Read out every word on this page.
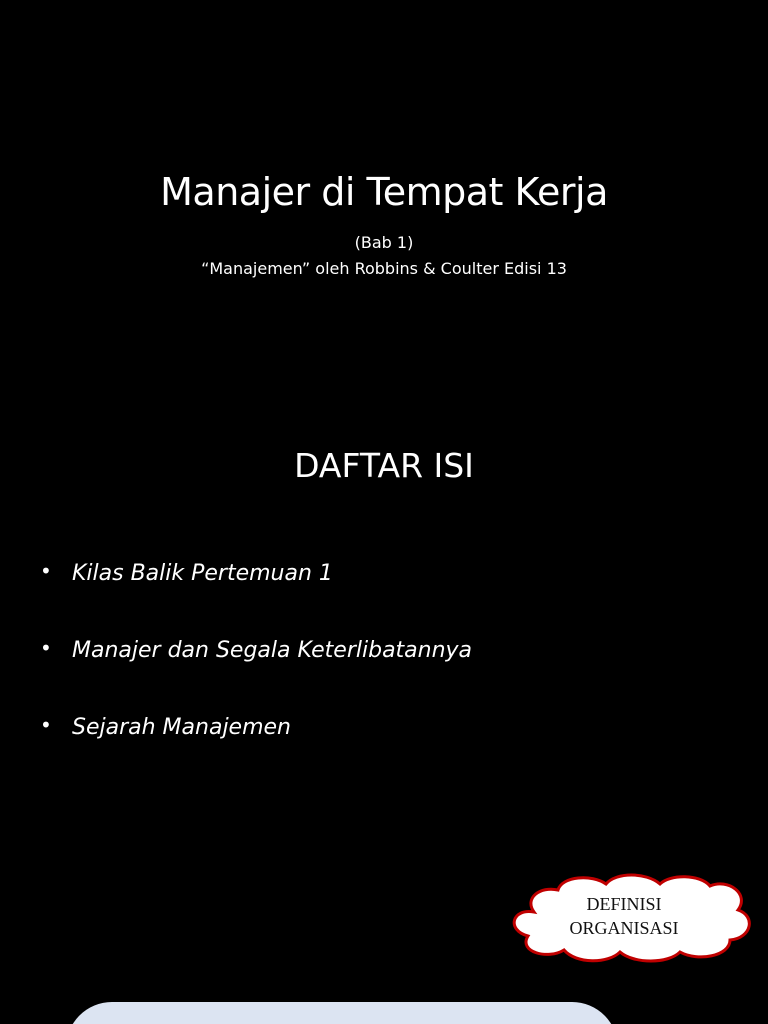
Manajer di Tempat Kerja
(Bab 1)
“Manajemen” oleh Robbins & Coulter Edisi 13
DAFTAR ISI
• Kilas Balik Pertemuan 1
• Manajer dan Segala Keterlibatannya
• Sejarah Manajemen
DEFINISI
ORGANISASI
